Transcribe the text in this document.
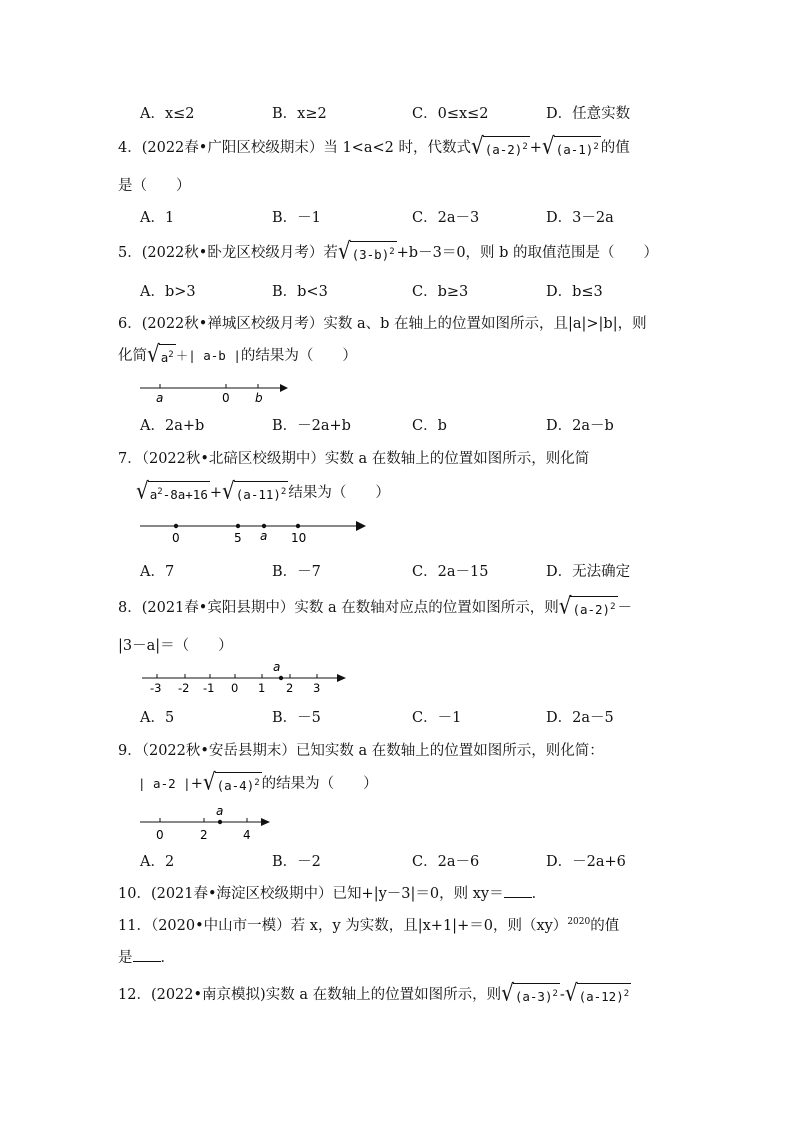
A．x≤2	B．x≥2	C．0≤x≤2	D．任意实数
4．(2022春•广阳区校级期末）当 1<a<2 时，代数式 √ $(a-2)^2$ + √ $(a-1)^2$ 的值
是（　　）
A．1	B．－1	C．2a－3	D．3－2a
5．(2022秋•卧龙区校级月考）若 √ $(3-b)^2 +b-3=0$，则 b 的取值范围是（　　）
A．b>3	B．b<3	C．b≥3	D．b≤3
6．(2022秋•禅城区校级月考）实数 a、b 在轴上的位置如图所示，且|a|>|b|，则
化简 √ $a^2$ ＋| a-b |的结果为（　　）
a	0 b
A．2a+b	B．－2a+b	C．b	D．2a－b
7．（2022秋•北碚区校级期中）实数 a 在数轴上的位置如图所示，则化简
√ $a^2-8a+16$ + √ $(a-11)^2$ 结果为（　　）
0	5 a 10
A．7	B．－7	C．2a－15	D．无法确定
8．(2021春•宾阳县期中）实数 a 在数轴对应点的位置如图所示，则 √ $(a-2)^2$ －
|3－a|＝（　　）
a
-3 -2 -1 0 1 2 3
A．5	B．－5	C．－1	D．2a－5
9．（2022秋•安岳县期末）已知实数 a 在数轴上的位置如图所示，则化简：
| a-2 |+ √ $(a-4)^2$ 的结果为（　　）
a
0	2	4
A．2	B．－2	C．2a－6	D．－2a+6
10．(2021春•海淀区校级期中）已知+|y－3|＝0，则 xy＝ ．
11．（2020•中山市一模）若 x，y 为实数，且|x+1|+＝0，则（xy）$^{2020}$的值
是 ．
12．(2022•南京模拟)实数 a 在数轴上的位置如图所示，则 √ $(a-3)^2$ - √ $(a-12)^2$
